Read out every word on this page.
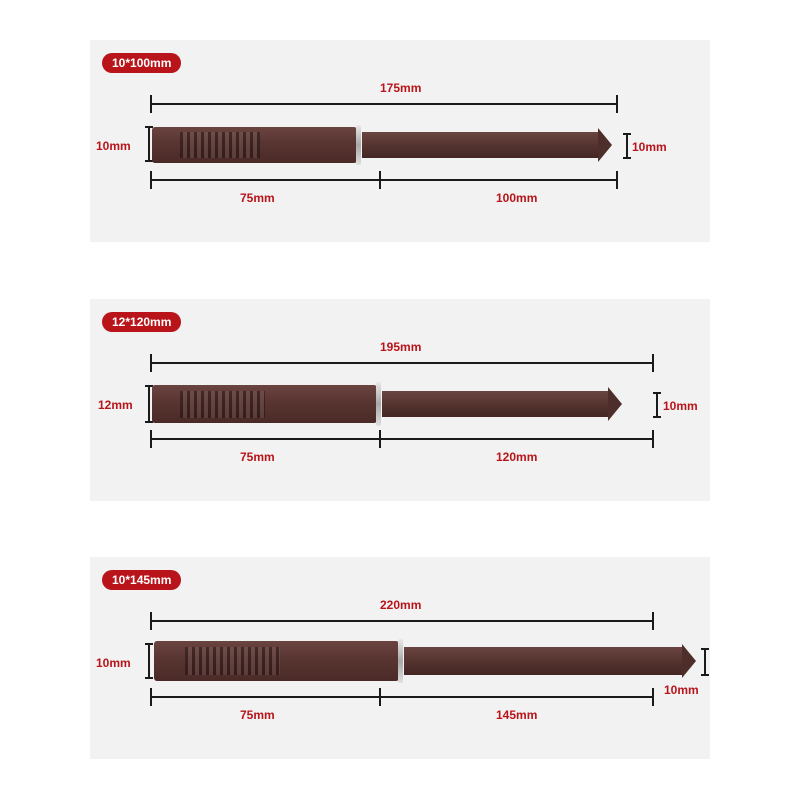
10*100mm
175mm
10mm	10mm
75mm	100mm
12*120mm
195mm
12mm	10mm
75mm	120mm
10*145mm
220mm
10mm
10mm
75mm	145mm
